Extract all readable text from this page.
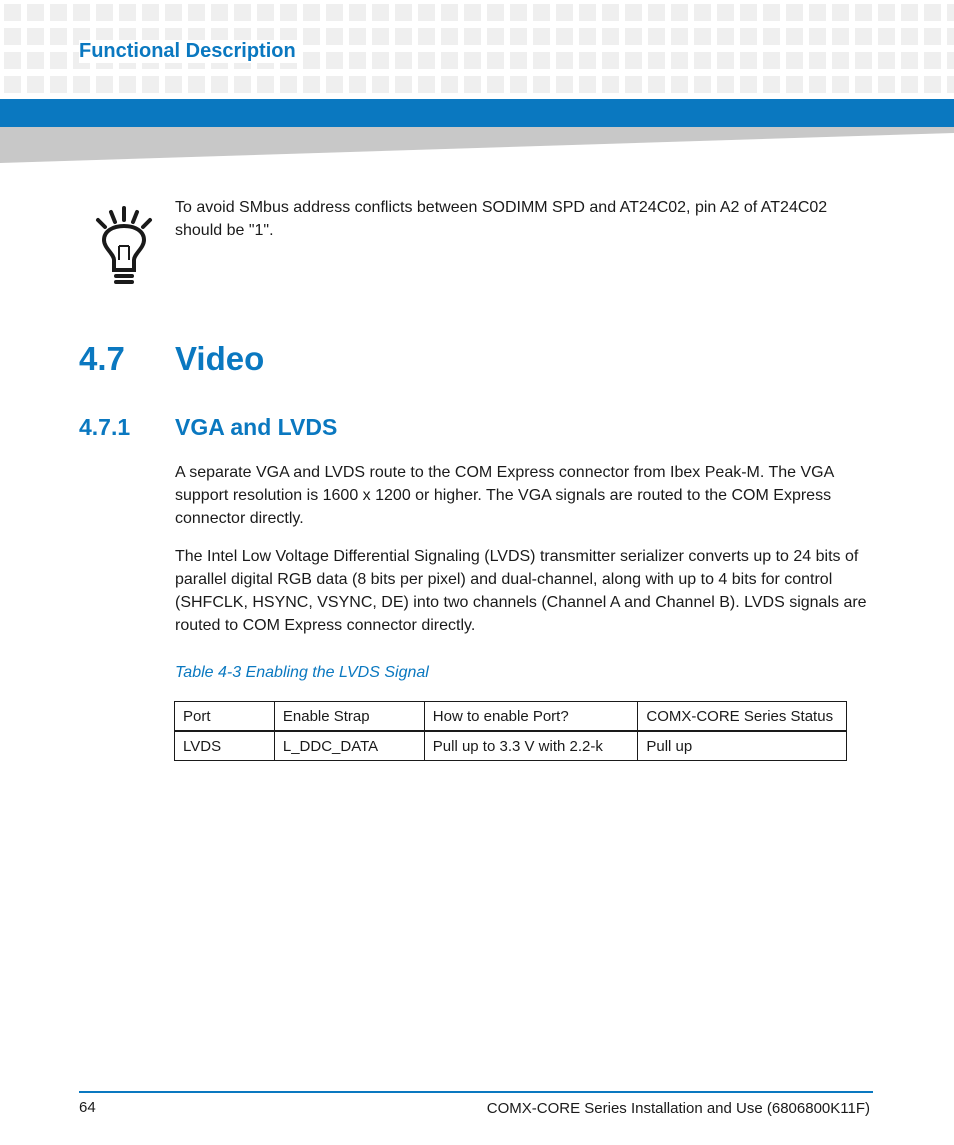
Functional Description
To avoid SMbus address conflicts between SODIMM SPD and AT24C02, pin A2 of AT24C02 should be "1".
4.7 Video
4.7.1 VGA and LVDS

A separate VGA and LVDS route to the COM Express connector from Ibex Peak-M. The VGA support resolution is 1600 x 1200 or higher. The VGA signals are routed to the COM Express connector directly.

The Intel Low Voltage Differential Signaling (LVDS) transmitter serializer converts up to 24 bits of parallel digital RGB data (8 bits per pixel) and dual-channel, along with up to 4 bits for control (SHFCLK, HSYNC, VSYNC, DE) into two channels (Channel A and Channel B). LVDS signals are routed to COM Express connector directly.

Table 4-3 Enabling the LVDS Signal
Port	Enable Strap	How to enable Port?	COMX-CORE Series Status
LVDS	L_DDC_DATA	Pull up to 3.3 V with 2.2-k	Pull up
64	COMX-CORE Series Installation and Use (6806800K11F)
